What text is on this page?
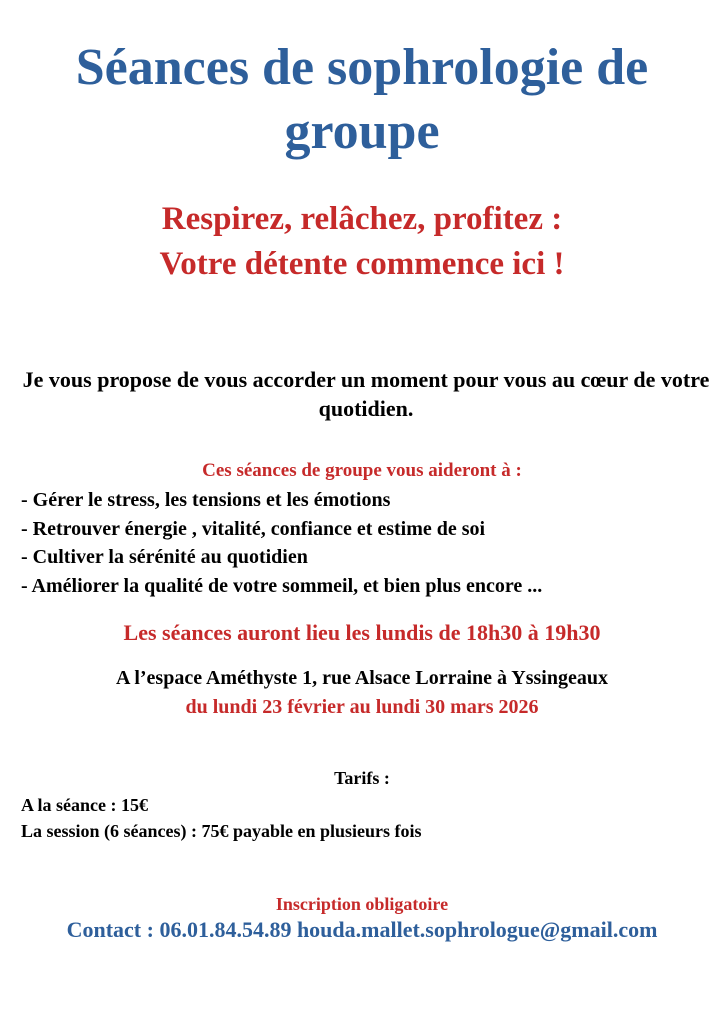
Séances de sophrologie de groupe
Respirez, relâchez, profitez :
Votre détente commence ici !

Je vous propose de vous accorder un moment pour vous au cœur de votre quotidien.

Ces séances de groupe vous aideront à :
- Gérer le stress, les tensions et les émotions
- Retrouver énergie , vitalité, confiance et estime de soi
- Cultiver la sérénité au quotidien
- Améliorer la qualité de votre sommeil, et bien plus encore ...
Les séances auront lieu les lundis de 18h30 à 19h30
A l’espace Améthyste 1, rue Alsace Lorraine à Yssingeaux
du lundi 23 février au lundi 30 mars 2026
Tarifs :
A la séance : 15€
La session (6 séances) : 75€ payable en plusieurs fois
Inscription obligatoire
Contact : 06.01.84.54.89 houda.mallet.sophrologue@gmail.com
